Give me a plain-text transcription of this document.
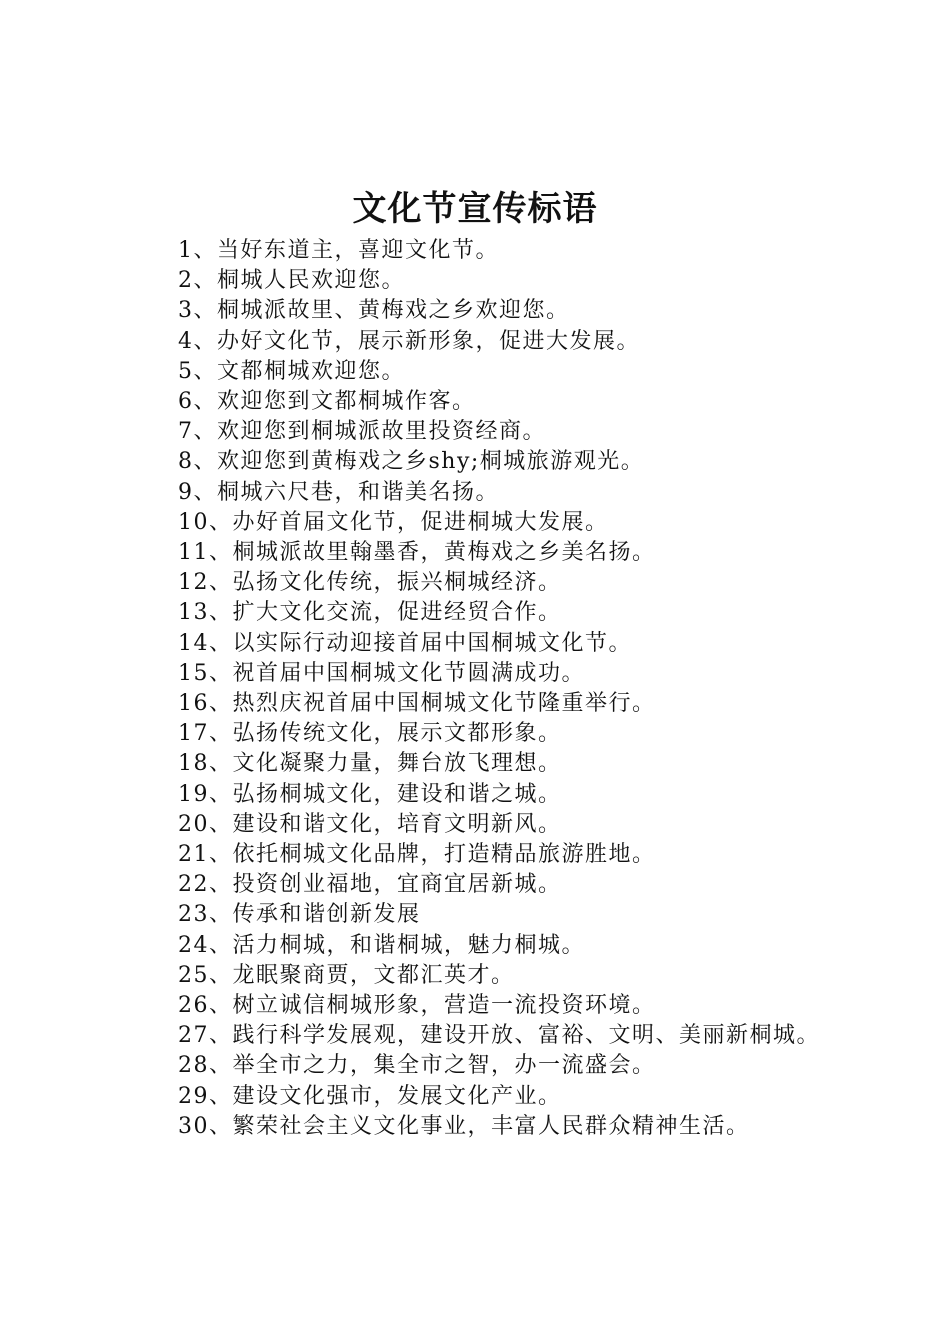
文化节宣传标语
1、当好东道主，喜迎文化节。
2、桐城人民欢迎您。
3、桐城派故里、黄梅戏之乡欢迎您。
4、办好文化节，展示新形象，促进大发展。
5、文都桐城欢迎您。
6、欢迎您到文都桐城作客。
7、欢迎您到桐城派故里投资经商。
8、欢迎您到黄梅戏之乡shy;桐城旅游观光。
9、桐城六尺巷，和谐美名扬。
10、办好首届文化节，促进桐城大发展。
11、桐城派故里翰墨香，黄梅戏之乡美名扬。
12、弘扬文化传统，振兴桐城经济。
13、扩大文化交流，促进经贸合作。
14、以实际行动迎接首届中国桐城文化节。
15、祝首届中国桐城文化节圆满成功。
16、热烈庆祝首届中国桐城文化节隆重举行。
17、弘扬传统文化，展示文都形象。
18、文化凝聚力量，舞台放飞理想。
19、弘扬桐城文化，建设和谐之城。
20、建设和谐文化，培育文明新风。
21、依托桐城文化品牌，打造精品旅游胜地。
22、投资创业福地，宜商宜居新城。
23、传承和谐创新发展
24、活力桐城，和谐桐城，魅力桐城。
25、龙眠聚商贾，文都汇英才。
26、树立诚信桐城形象，营造一流投资环境。
27、践行科学发展观，建设开放、富裕、文明、美丽新桐城。
28、举全市之力，集全市之智，办一流盛会。
29、建设文化强市，发展文化产业。
30、繁荣社会主义文化事业，丰富人民群众精神生活。
